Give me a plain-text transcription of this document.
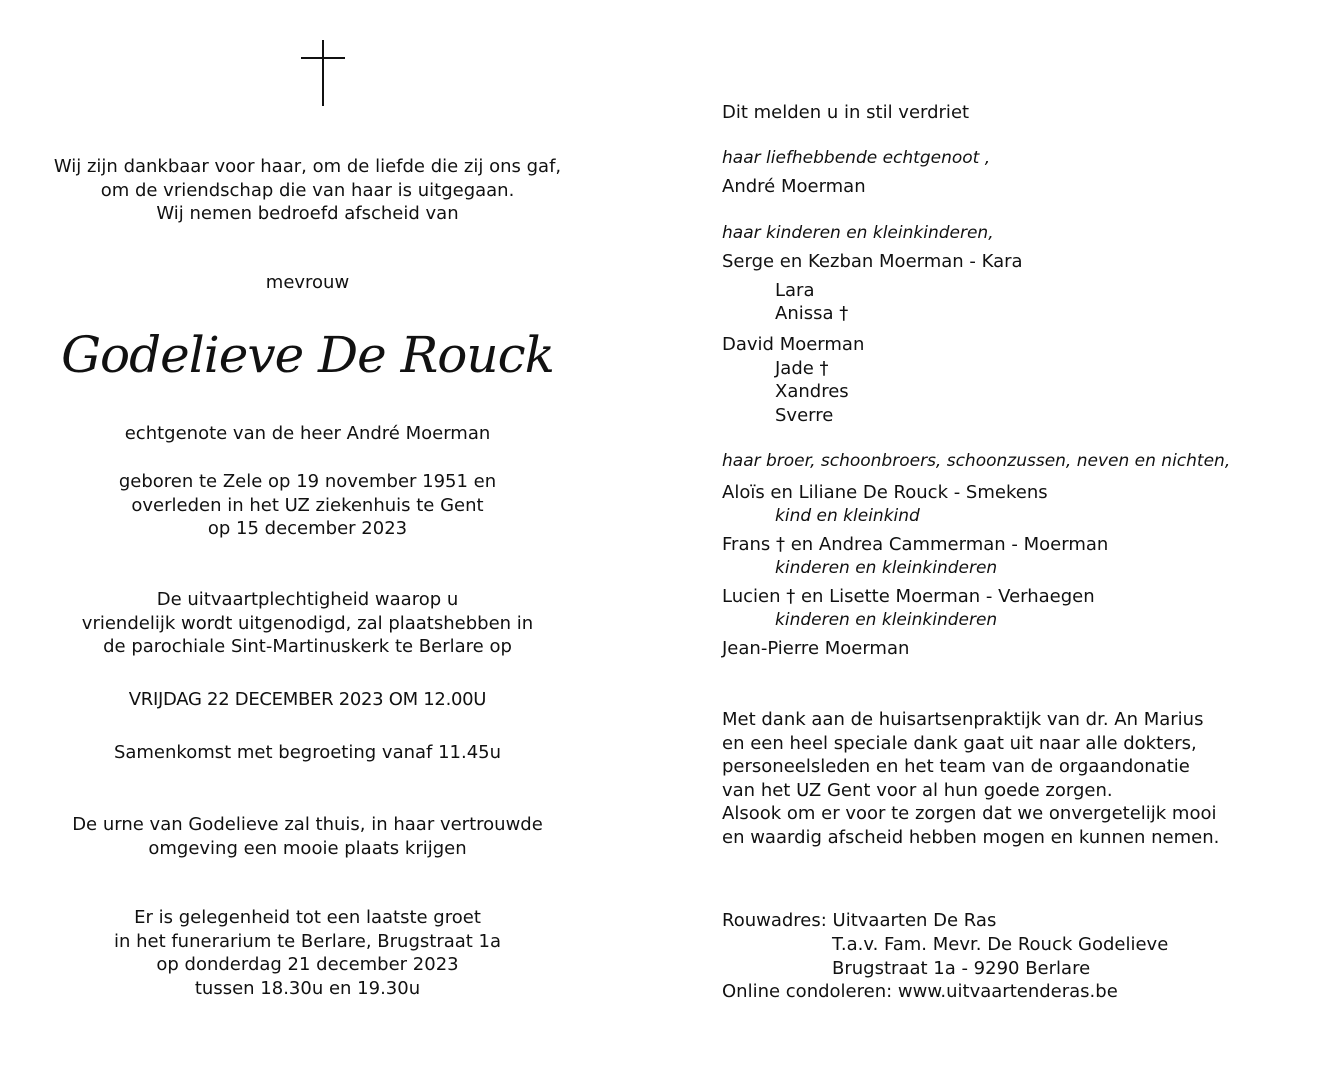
Wij zijn dankbaar voor haar, om de liefde die zij ons gaf,
om de vriendschap die van haar is uitgegaan.
Wij nemen bedroefd afscheid van
mevrouw
Godelieve De Rouck
echtgenote van de heer André Moerman
geboren te Zele op 19 november 1951 en
overleden in het UZ ziekenhuis te Gent
op 15 december 2023
De uitvaartplechtigheid waarop u
vriendelijk wordt uitgenodigd, zal plaatshebben in
de parochiale Sint-Martinuskerk te Berlare op
VRIJDAG 22 DECEMBER 2023 OM 12.00U
Samenkomst met begroeting vanaf 11.45u
De urne van Godelieve zal thuis, in haar vertrouwde
omgeving een mooie plaats krijgen
Er is gelegenheid tot een laatste groet
in het funerarium te Berlare, Brugstraat 1a
op donderdag 21 december 2023
tussen 18.30u en 19.30u
Dit melden u in stil verdriet
haar liefhebbende echtgenoot ,
André Moerman
haar kinderen en kleinkinderen,
Serge en Kezban Moerman - Kara
Lara
Anissa †
David Moerman
Jade †
Xandres
Sverre
haar broer, schoonbroers, schoonzussen, neven en nichten,
Aloïs en Liliane De Rouck - Smekens
kind en kleinkind
Frans † en Andrea Cammerman - Moerman
kinderen en kleinkinderen
Lucien † en Lisette Moerman - Verhaegen
kinderen en kleinkinderen
Jean-Pierre Moerman
Met dank aan de huisartsenpraktijk van dr. An Marius
en een heel speciale dank gaat uit naar alle dokters,
personeelsleden en het team van de orgaandonatie
van het UZ Gent voor al hun goede zorgen.
Alsook om er voor te zorgen dat we onvergetelijk mooi
en waardig afscheid hebben mogen en kunnen nemen.
Rouwadres: Uitvaarten De Ras
T.a.v. Fam. Mevr. De Rouck Godelieve
Brugstraat 1a - 9290 Berlare
Online condoleren: www.uitvaartenderas.be
